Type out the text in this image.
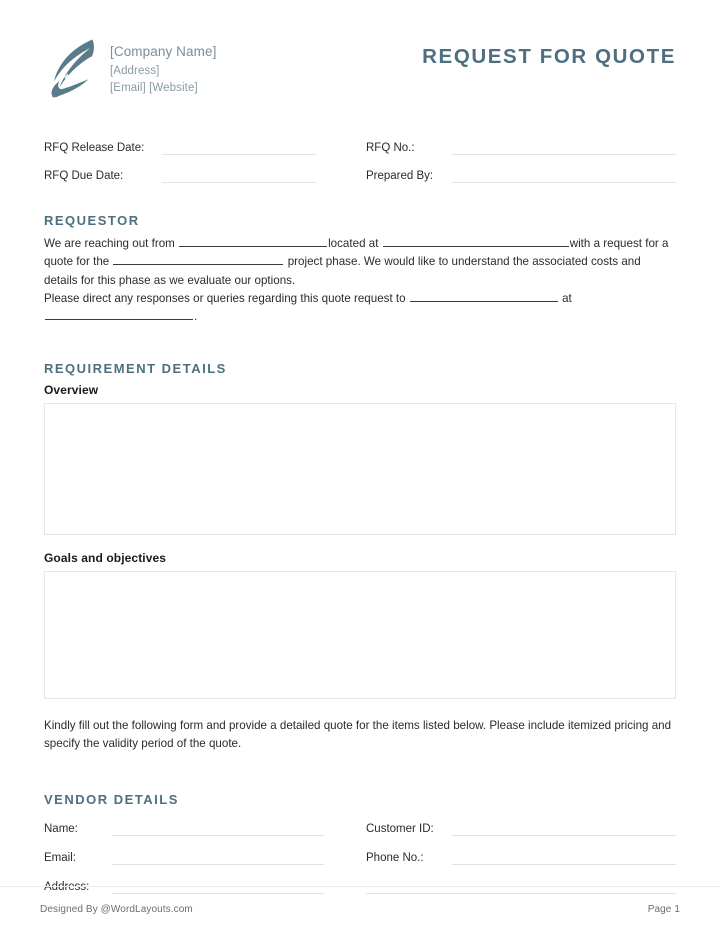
[Company Name]
[Address]
[Email] [Website]
REQUEST FOR QUOTE
RFQ Release Date:	RFQ No.:
RFQ Due Date:	Prepared By:
REQUESTOR
We are reaching out from	located at	with a request for a quote for the	project phase. We would like to understand the associated costs and details for this phase as we evaluate our options.
Please direct any responses or queries regarding this quote request to	at .
REQUIREMENT DETAILS
Overview
Goals and objectives
Kindly fill out the following form and provide a detailed quote for the items listed below. Please include itemized pricing and specify the validity period of the quote.
VENDOR DETAILS
Name:	Customer ID:
Email:	Phone No.:
Address:
Designed By @WordLayouts.com	Page 1
